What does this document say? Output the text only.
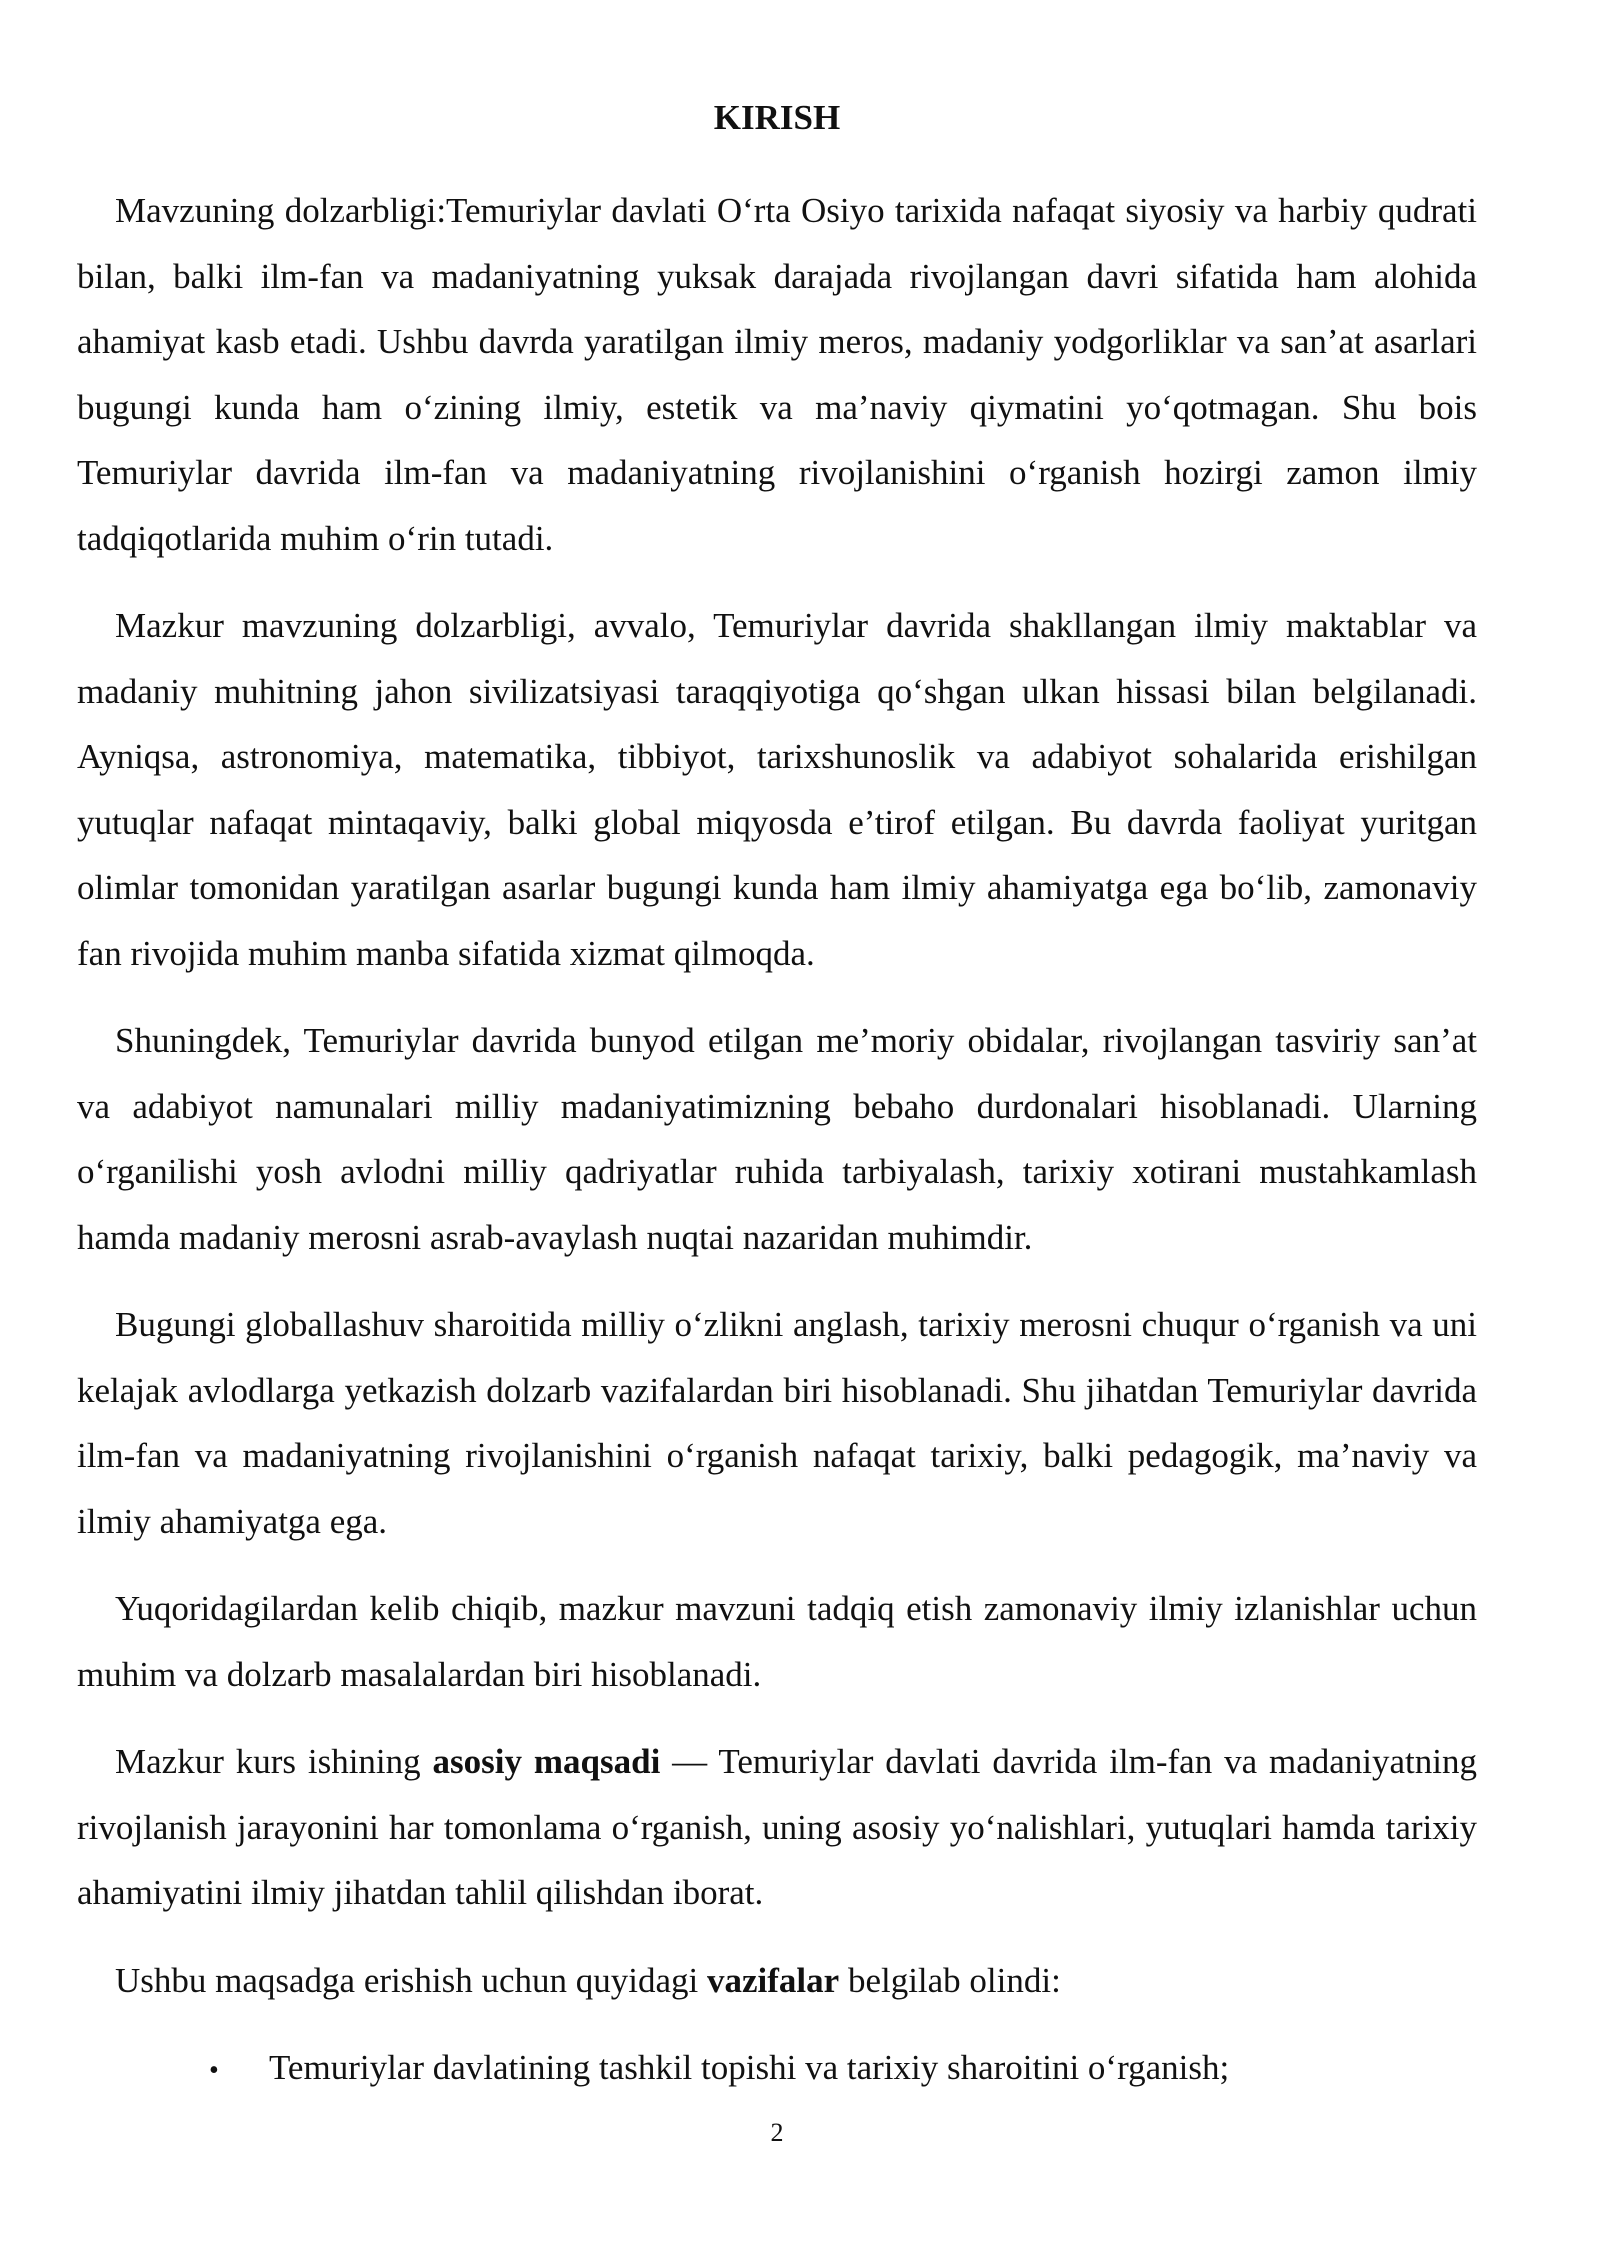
KIRISH

Mavzuning dolzarbligi:Temuriylar davlati O‘rta Osiyo tarixida nafaqat siyosiy va harbiy qudrati bilan, balki ilm-fan va madaniyatning yuksak darajada rivojlangan davri sifatida ham alohida ahamiyat kasb etadi. Ushbu davrda yaratilgan ilmiy meros, madaniy yodgorliklar va san’at asarlari bugungi kunda ham o‘zining ilmiy, estetik va ma’naviy qiymatini yo‘qotmagan. Shu bois Temuriylar davrida ilm-fan va madaniyatning rivojlanishini o‘rganish hozirgi zamon ilmiy tadqiqotlarida muhim o‘rin tutadi.

Mazkur mavzuning dolzarbligi, avvalo, Temuriylar davrida shakllangan ilmiy maktablar va madaniy muhitning jahon sivilizatsiyasi taraqqiyotiga qo‘shgan ulkan hissasi bilan belgilanadi. Ayniqsa, astronomiya, matematika, tibbiyot, tarixshunoslik va adabiyot sohalarida erishilgan yutuqlar nafaqat mintaqaviy, balki global miqyosda e’tirof etilgan. Bu davrda faoliyat yuritgan olimlar tomonidan yaratilgan asarlar bugungi kunda ham ilmiy ahamiyatga ega bo‘lib, zamonaviy fan rivojida muhim manba sifatida xizmat qilmoqda.

Shuningdek, Temuriylar davrida bunyod etilgan me’moriy obidalar, rivojlangan tasviriy san’at va adabiyot namunalari milliy madaniyatimizning bebaho durdonalari hisoblanadi. Ularning o‘rganilishi yosh avlodni milliy qadriyatlar ruhida tarbiyalash, tarixiy xotirani mustahkamlash hamda madaniy merosni asrab-avaylash nuqtai nazaridan muhimdir.

Bugungi globallashuv sharoitida milliy o‘zlikni anglash, tarixiy merosni chuqur o‘rganish va uni kelajak avlodlarga yetkazish dolzarb vazifalardan biri hisoblanadi. Shu jihatdan Temuriylar davrida ilm-fan va madaniyatning rivojlanishini o‘rganish nafaqat tarixiy, balki pedagogik, ma’naviy va ilmiy ahamiyatga ega.

Yuqoridagilardan kelib chiqib, mazkur mavzuni tadqiq etish zamonaviy ilmiy izlanishlar uchun muhim va dolzarb masalalardan biri hisoblanadi.

Mazkur kurs ishining asosiy maqsadi — Temuriylar davlati davrida ilm-fan va madaniyatning rivojlanish jarayonini har tomonlama o‘rganish, uning asosiy yo‘nalishlari, yutuqlari hamda tarixiy ahamiyatini ilmiy jihatdan tahlil qilishdan iborat.

Ushbu maqsadga erishish uchun quyidagi vazifalar belgilab olindi:

•	Temuriylar davlatining tashkil topishi va tarixiy sharoitini o‘rganish;
2
